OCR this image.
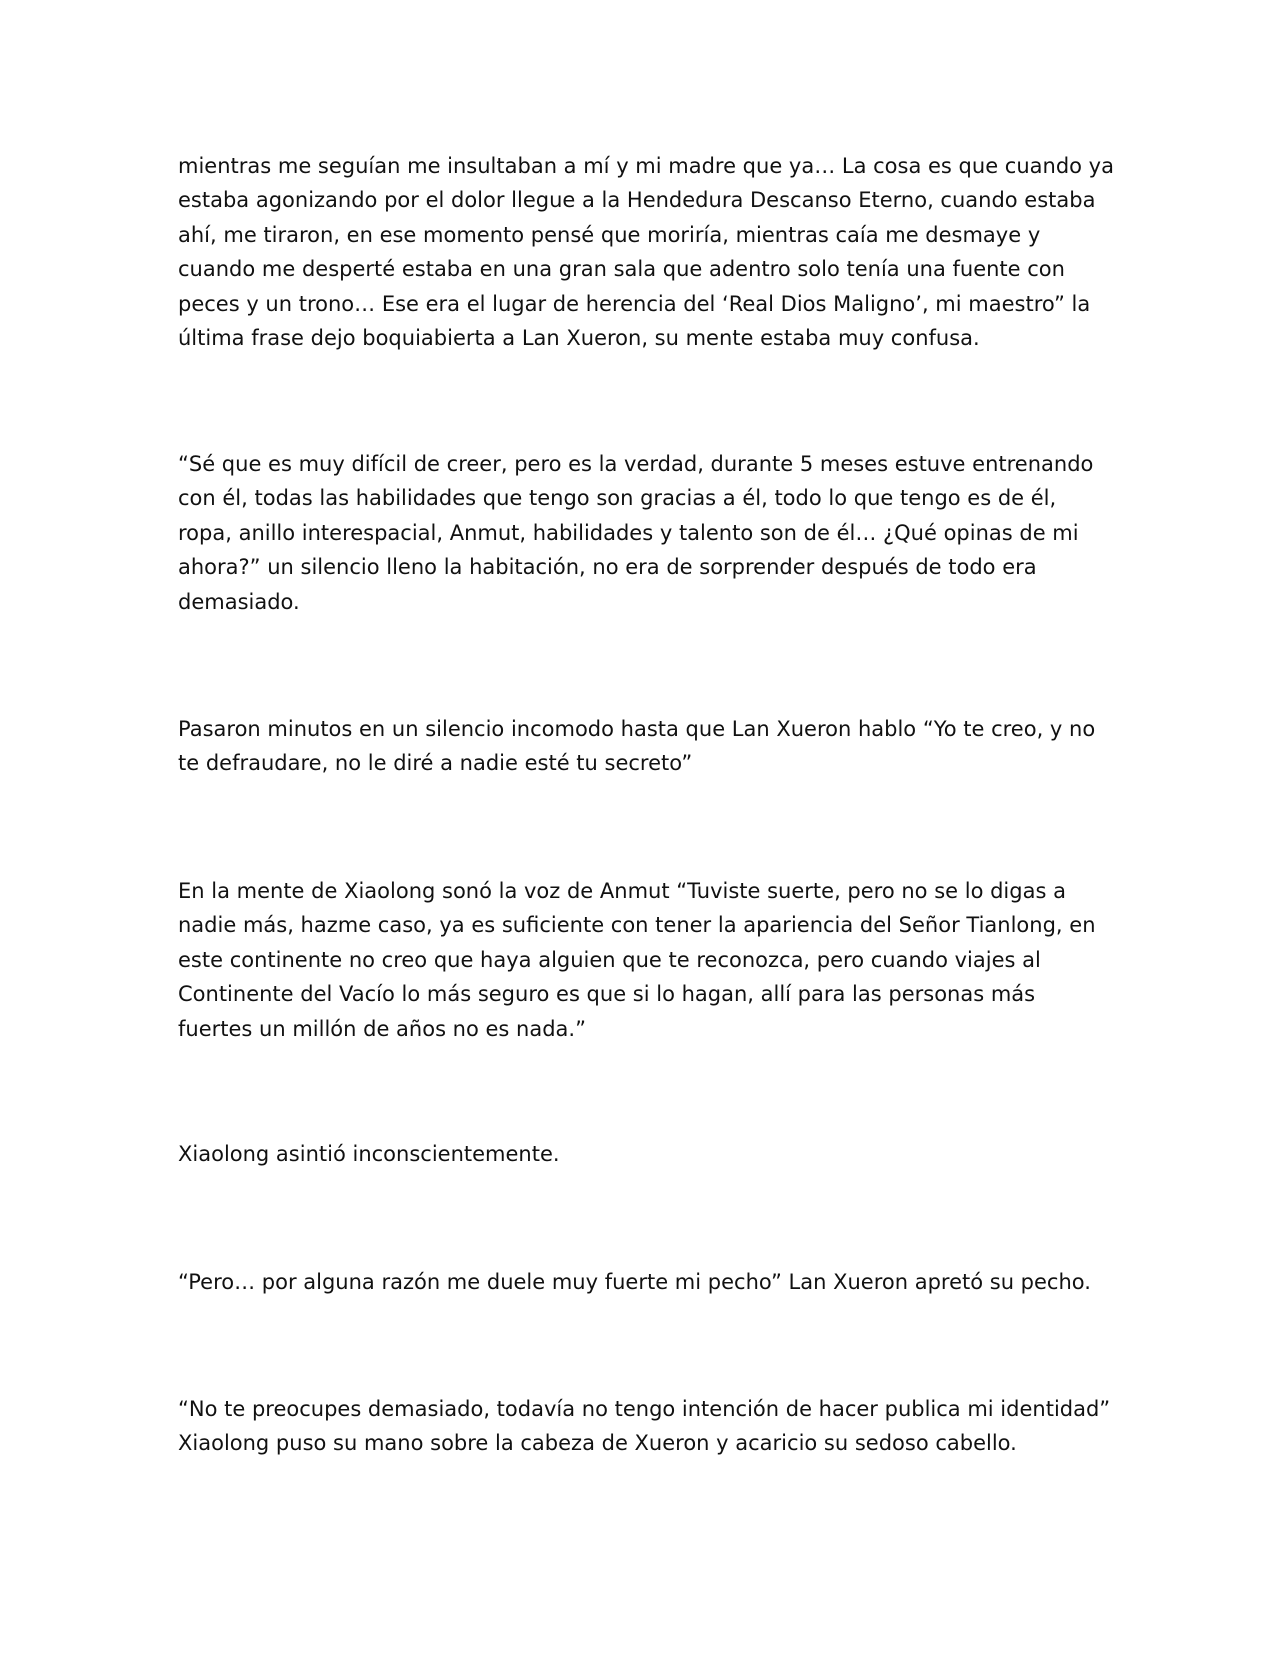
mientras me seguían me insultaban a mí y mi madre que ya… La cosa es que cuando ya
estaba agonizando por el dolor llegue a la Hendedura Descanso Eterno, cuando estaba
ahí, me tiraron, en ese momento pensé que moriría, mientras caía me desmaye y
cuando me desperté estaba en una gran sala que adentro solo tenía una fuente con
peces y un trono… Ese era el lugar de herencia del ‘Real Dios Maligno’, mi maestro” la
última frase dejo boquiabierta a Lan Xueron, su mente estaba muy confusa.

“Sé que es muy difícil de creer, pero es la verdad, durante 5 meses estuve entrenando
con él, todas las habilidades que tengo son gracias a él, todo lo que tengo es de él,
ropa, anillo interespacial, Anmut, habilidades y talento son de él… ¿Qué opinas de mi
ahora?” un silencio lleno la habitación, no era de sorprender después de todo era
demasiado.

Pasaron minutos en un silencio incomodo hasta que Lan Xueron hablo “Yo te creo, y no
te defraudare, no le diré a nadie esté tu secreto”

En la mente de Xiaolong sonó la voz de Anmut “Tuviste suerte, pero no se lo digas a
nadie más, hazme caso, ya es suficiente con tener la apariencia del Señor Tianlong, en
este continente no creo que haya alguien que te reconozca, pero cuando viajes al
Continente del Vacío lo más seguro es que si lo hagan, allí para las personas más
fuertes un millón de años no es nada.”

Xiaolong asintió inconscientemente.

“Pero… por alguna razón me duele muy fuerte mi pecho” Lan Xueron apretó su pecho.

“No te preocupes demasiado, todavía no tengo intención de hacer publica mi identidad”
Xiaolong puso su mano sobre la cabeza de Xueron y acaricio su sedoso cabello.
